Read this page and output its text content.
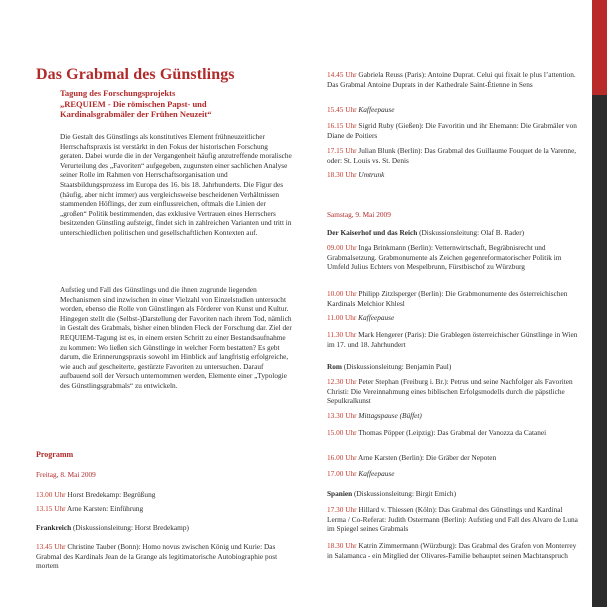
Das Grabmal des Günstlings
Tagung des Forschungsprojekts
„REQUIEM - Die römischen Papst- und
Kardinalsgrabmäler der Frühen Neuzeit“
Die Gestalt des Günstlings als konstitutives Element frühneuzeitlicher Herrschaftspraxis ist verstärkt in den Fokus der historischen Forschung geraten. Dabei wurde die in der Vergangenheit häufig anzutreffende moralische Verurteilung des „Favoriten“ aufgegeben, zugunsten einer sachlichen Analyse seiner Rolle im Rahmen von Herrschaftsorganisation und Staatsbildungsprozess im Europa des 16. bis 18. Jahrhunderts. Die Figur des (häufig, aber nicht immer) aus vergleichsweise bescheidenen Verhältnissen stammenden Höflings, der zum einflussreichen, oftmals die Linien der „großen“ Politik bestimmenden, das exklusive Vertrauen eines Herrschers besitzenden Günstling aufsteigt, findet sich in zahlreichen Varianten und tritt in unterschiedlichen politischen und gesellschaftlichen Kontexten auf.
Aufstieg und Fall des Günstlings und die ihnen zugrunde liegenden Mechanismen sind inzwischen in einer Vielzahl von Einzelstudien untersucht worden, ebenso die Rolle von Günstlingen als Förderer von Kunst und Kultur. Hingegen stellt die (Selbst-)Darstellung der Favoriten nach ihrem Tod, nämlich in Gestalt des Grabmals, bisher einen blinden Fleck der Forschung dar. Ziel der REQUIEM-Tagung ist es, in einem ersten Schritt zu einer Bestandsaufnahme zu kommen: Wo ließen sich Günstlinge in welcher Form bestatten? Es gebt darum, die Erinnerungspraxis sowohl im Hinblick auf langfristig erfolgreiche, wie auch auf gescheiterte, gestürzte Favoriten zu untersuchen. Darauf aufbauend soll der Versuch unternommen werden, Elemente einer „Typologie des Günstlingsgrabmals“ zu entwickeln.
Programm
Freitag, 8. Mai 2009
13.00 Uhr Horst Bredekamp: Begrüßung
13.15 Uhr Arne Karsten: Einführung
Frankreich (Diskussionsleitung: Horst Bredekamp)
13.45 Uhr Christine Tauber (Bonn): Homo novus zwischen König und Kurie: Das Grabmal des Kardinals Jean de la Grange als legitimatorische Autobiographie post mortem
14.45 Uhr Gabriela Reuss (Paris): Antoine Duprat. Celui qui fixait le plus l’attention. Das Grabmal Antoine Duprats in der Kathedrale Saint-Étienne in Sens
15.45 Uhr Kaffeepause
16.15 Uhr Sigrid Ruby (Gießen): Die Favoritin und ihr Ehemann: Die Grabmäler von Diane de Poitiers
17.15 Uhr Julian Blunk (Berlin): Das Grabmal des Guillaume Fouquet de la Varenne, oder: St. Louis vs. St. Denis
18.30 Uhr Umtrunk
Samstag, 9. Mai 2009
Der Kaiserhof und das Reich (Diskussionsleitung: Olaf B. Rader)
09.00 Uhr Inga Brinkmann (Berlin): Vetternwirtschaft, Begräbnisrecht und Grabmalsetzung. Grabmonumente als Zeichen gegenreformatorischer Politik im Umfeld Julius Echters von Mespelbrunn, Fürstbischof zu Würzburg
10.00 Uhr Philipp Zitzlsperger (Berlin): Die Grabmonumente des österreichischen Kardinals Melchior Khlesl
11.00 Uhr Kaffeepause
11.30 Uhr Mark Hengerer (Paris): Die Grablegen österreichischer Günstlinge in Wien im 17. und 18. Jahrhundert
Rom (Diskussionsleitung: Benjamin Paul)
12.30 Uhr Peter Stephan (Freiburg i. Br.): Petrus und seine Nachfolger als Favoriten Christi: Die Vereinnahmung eines biblischen Erfolgsmodells durch die päpstliche Sepulkralkunst
13.30 Uhr Mittagspause (Büffet)
15.00 Uhr Thomas Pöpper (Leipzig): Das Grabmal der Vanozza da Catanei
16.00 Uhr Arne Karsten (Berlin): Die Gräber der Nepoten
17.00 Uhr Kaffeepause
Spanien (Diskussionsleitung: Birgit Emich)
17.30 Uhr Hillard v. Thiessen (Köln): Das Grabmal des Günstlings und Kardinal Lerma / Co-Referat: Judith Ostermann (Berlin): Aufstieg und Fall des Alvaro de Luna im Spiegel seines Grabmals
18.30 Uhr Katrin Zimmermann (Würzburg): Das Grabmal des Grafen von Monterrey in Salamanca - ein Mitglied der Olivares-Familie behauptet seinen Machtanspruch
